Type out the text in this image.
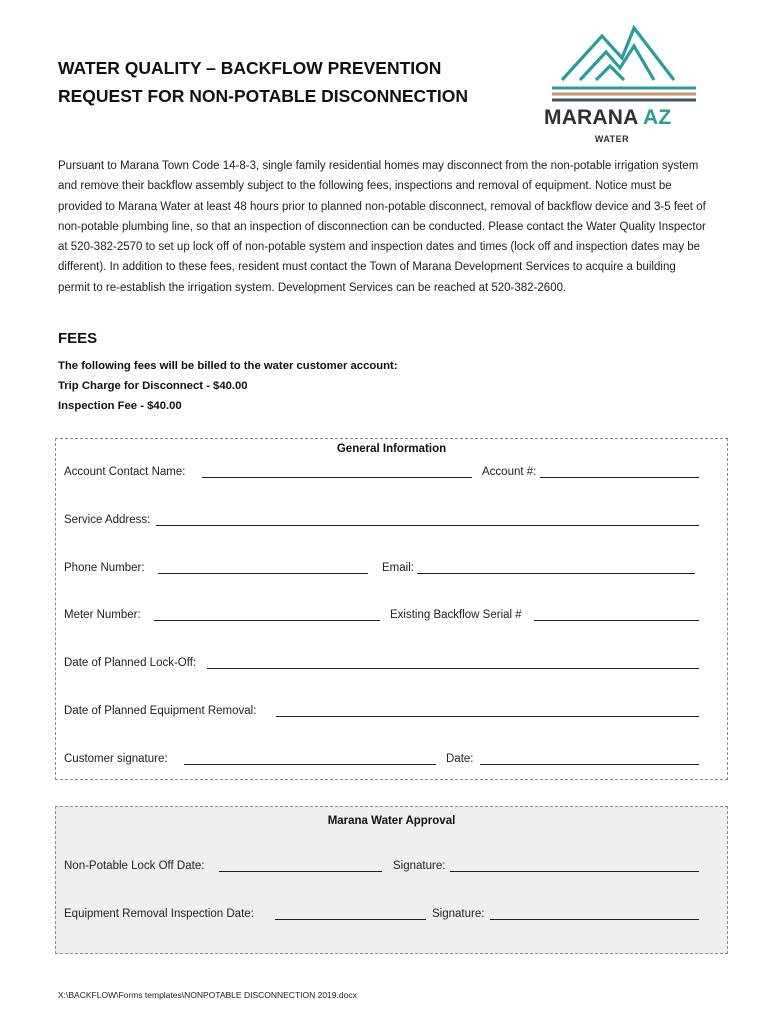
WATER QUALITY – BACKFLOW PREVENTION
REQUEST FOR NON-POTABLE DISCONNECTION
MARANA AZ
WATER
Pursuant to Marana Town Code 14-8-3, single family residential homes may disconnect from the non-potable irrigation system and remove their backflow assembly subject to the following fees, inspections and removal of equipment. Notice must be provided to Marana Water at least 48 hours prior to planned non-potable disconnect, removal of backflow device and 3-5 feet of non-potable plumbing line, so that an inspection of disconnection can be conducted. Please contact the Water Quality Inspector at 520-382-2570 to set up lock off of non-potable system and inspection dates and times (lock off and inspection dates may be different). In addition to these fees, resident must contact the Town of Marana Development Services to acquire a building permit to re-establish the irrigation system. Development Services can be reached at 520-382-2600.
FEES
The following fees will be billed to the water customer account:
Trip Charge for Disconnect - $40.00
Inspection Fee - $40.00
General Information
Account Contact Name:	Account #:
Service Address:
Phone Number:	Email:
Meter Number:	Existing Backflow Serial #
Date of Planned Lock-Off:
Date of Planned Equipment Removal:
Customer signature:	Date:
Marana Water Approval
Non-Potable Lock Off Date:	Signature:
Equipment Removal Inspection Date:	Signature:
X:\BACKFLOW\Forms templates\NONPOTABLE DISCONNECTION 2019.docx
